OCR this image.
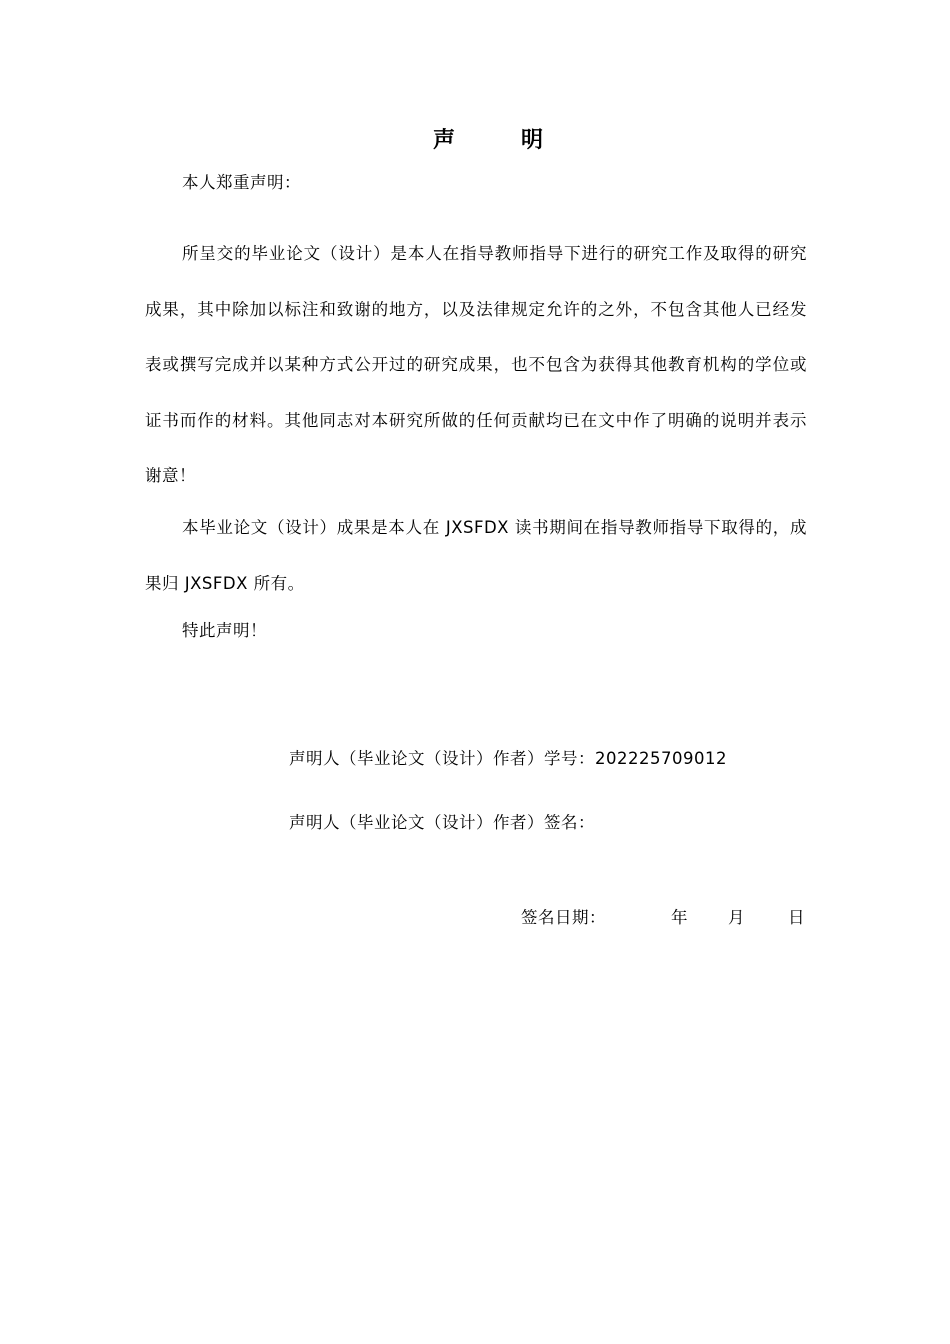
声	明

本人郑重声明：

所呈交的毕业论文（设计）是本人在指导教师指导下进行的研究工作及取得的研究成果，其中除加以标注和致谢的地方，以及法律规定允许的之外，不包含其他人已经发表或撰写完成并以某种方式公开过的研究成果，也不包含为获得其他教育机构的学位或证书而作的材料。其他同志对本研究所做的任何贡献均已在文中作了明确的说明并表示谢意！

本毕业论文（设计）成果是本人在 JXSFDX 读书期间在指导教师指导下取得的，成果归 JXSFDX 所有。

特此声明！

声明人（毕业论文（设计）作者）学号：202225709012

声明人（毕业论文（设计）作者）签名：

签名日期：	年 月	日
